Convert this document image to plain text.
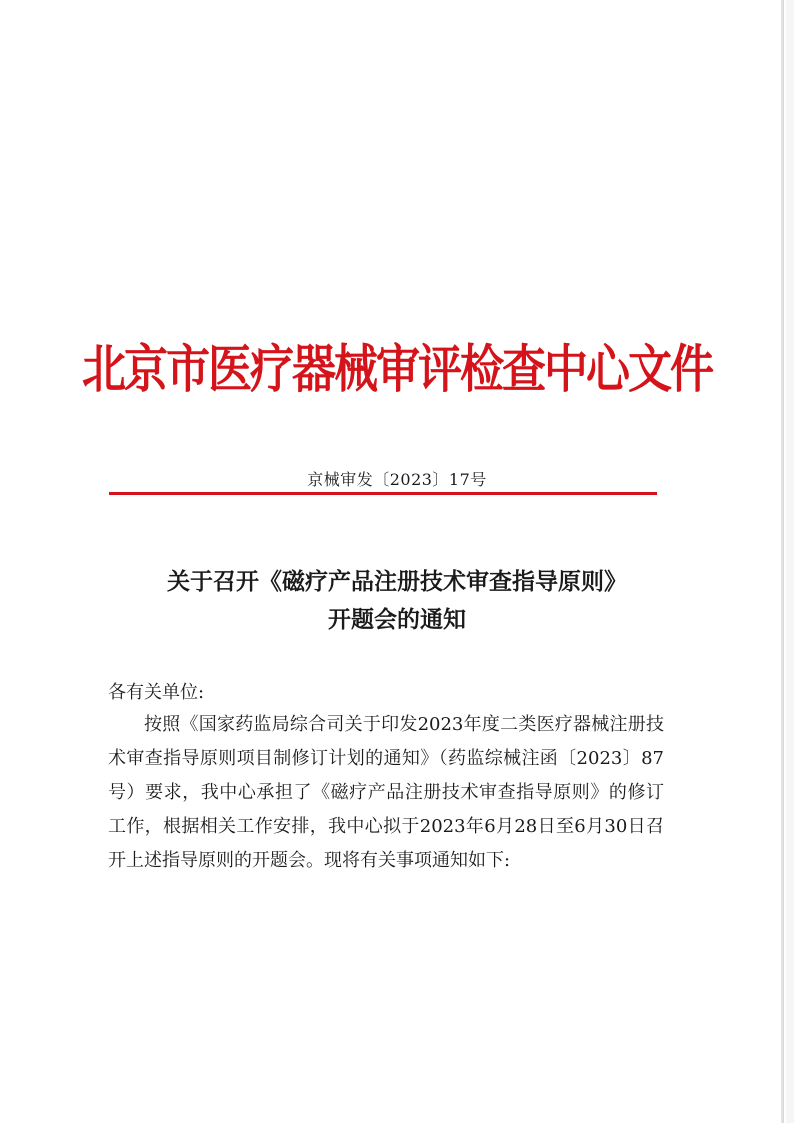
北京市医疗器械审评检查中心文件
京械审发〔2023〕17号
关于召开《磁疗产品注册技术审查指导原则》
开题会的通知
各有关单位:
按照《国家药监局综合司关于印发2023年度二类医疗器械注册技术审查指导原则项目制修订计划的通知》（药监综械注函〔2023〕87号）要求，我中心承担了《磁疗产品注册技术审查指导原则》的修订工作，根据相关工作安排，我中心拟于2023年6月28日至6月30日召开上述指导原则的开题会。现将有关事项通知如下:
